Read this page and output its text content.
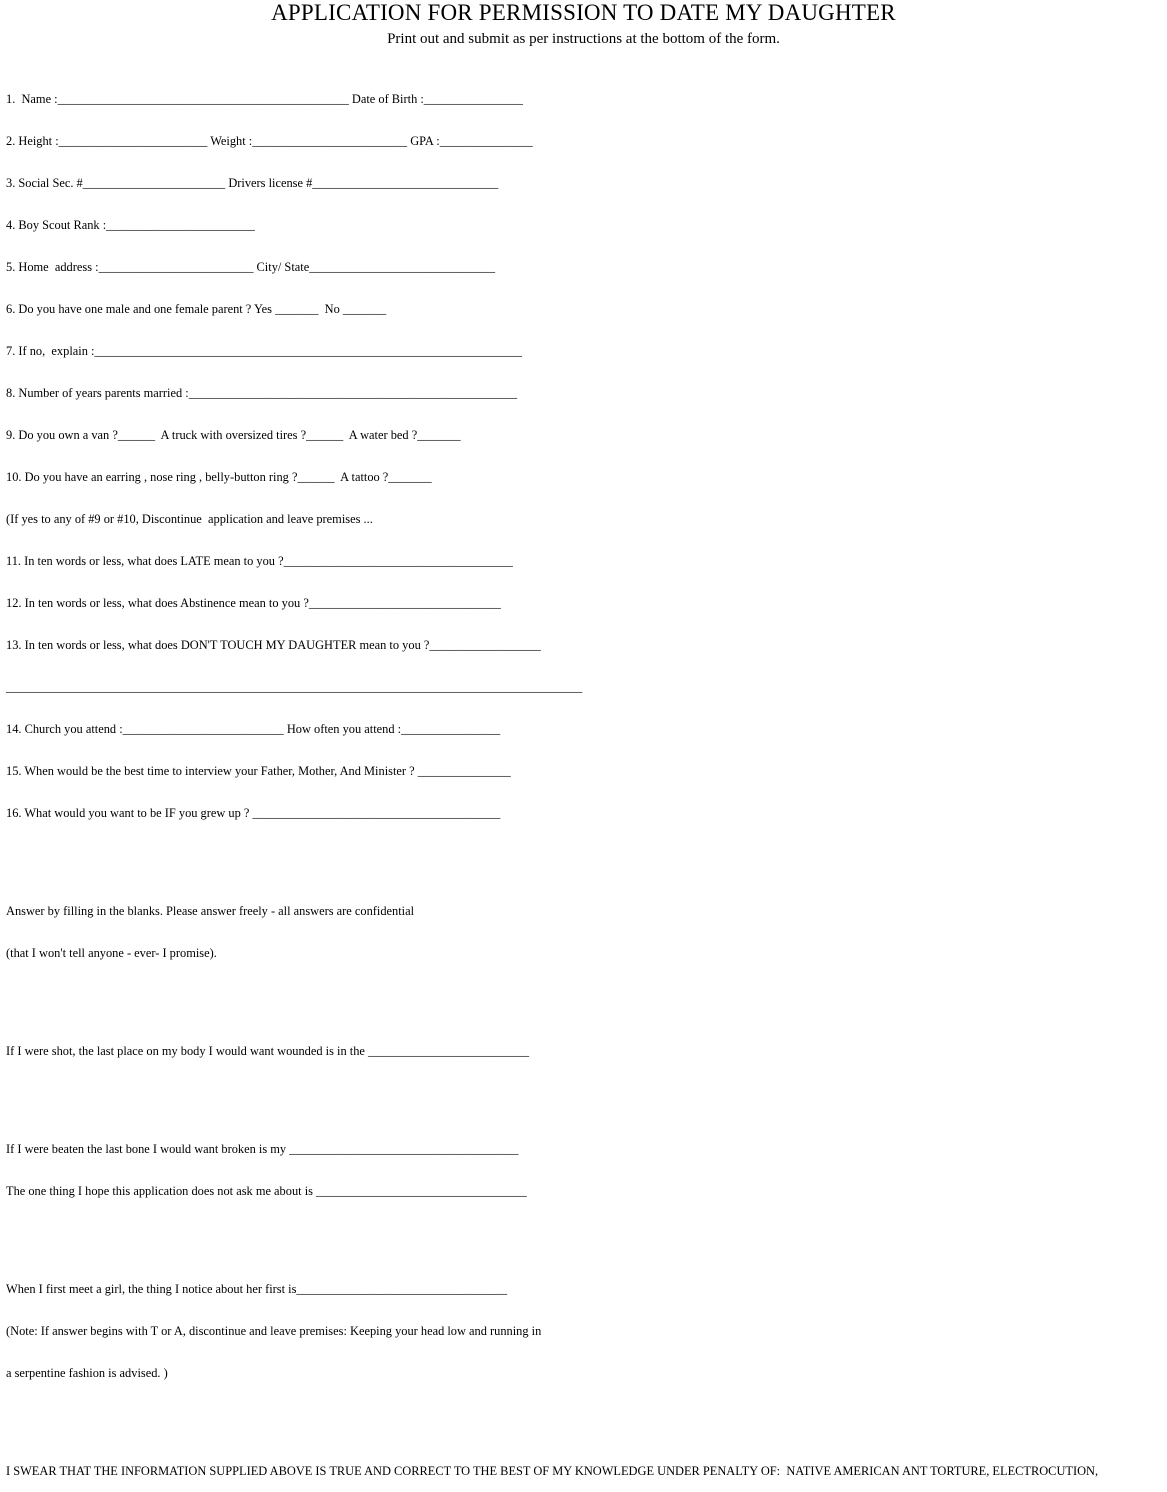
APPLICATION FOR PERMISSION TO DATE MY DAUGHTER
Print out and submit as per instructions at the bottom of the form.

1.  Name :_______________________________________________ Date of Birth :________________

2. Height :________________________ Weight :_________________________ GPA :_______________

3. Social Sec. #_______________________ Drivers license #______________________________

4. Boy Scout Rank :________________________

5. Home  address :_________________________ City/ State______________________________

6. Do you have one male and one female parent ? Yes _______  No _______

7. If no,  explain :_____________________________________________________________________

8. Number of years parents married :_____________________________________________________

9. Do you own a van ?______  A truck with oversized tires ?______  A water bed ?_______

10. Do you have an earring , nose ring , belly-button ring ?______  A tattoo ?_______

(If yes to any of #9 or #10, Discontinue  application and leave premises ...

11. In ten words or less, what does LATE mean to you ?_____________________________________

12. In ten words or less, what does Abstinence mean to you ?_______________________________

13. In ten words or less, what does DON'T TOUCH MY DAUGHTER mean to you ?__________________

_____________________________________________________________________________________________

14. Church you attend :__________________________ How often you attend :________________

15. When would be the best time to interview your Father, Mother, And Minister ? _______________

16. What would you want to be IF you grew up ? ________________________________________

Answer by filling in the blanks. Please answer freely - all answers are confidential

(that I won't tell anyone - ever- I promise).

If I were shot, the last place on my body I would want wounded is in the __________________________

If I were beaten the last bone I would want broken is my _____________________________________

The one thing I hope this application does not ask me about is __________________________________

When I first meet a girl, the thing I notice about her first is__________________________________

(Note: If answer begins with T or A, discontinue and leave premises: Keeping your head low and running in

a serpentine fashion is advised. )

I SWEAR THAT THE INFORMATION SUPPLIED ABOVE IS TRUE AND CORRECT TO THE BEST OF MY KNOWLEDGE UNDER PENALTY OF:  NATIVE AMERICAN ANT TORTURE, ELECTROCUTION,
